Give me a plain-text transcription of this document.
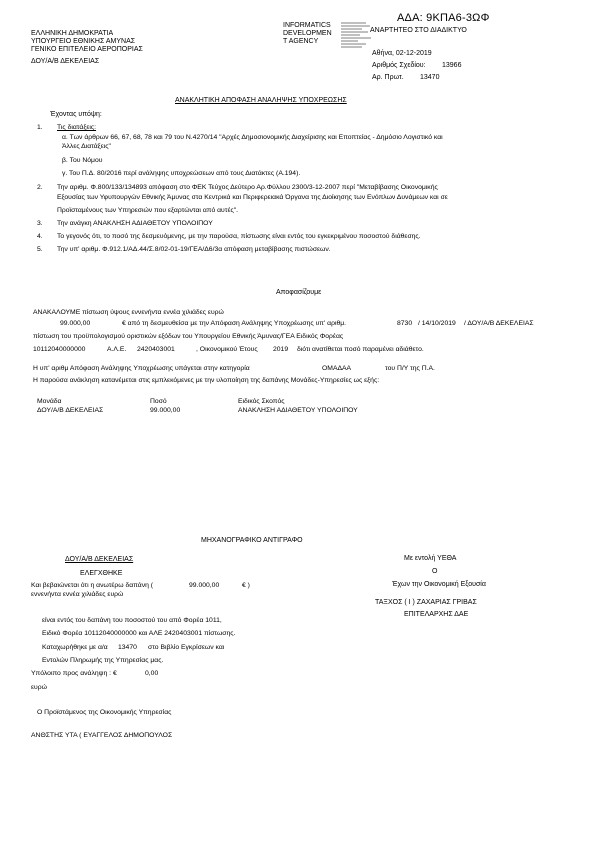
ΕΛΛΗΝΙΚΗ ΔΗΜΟΚΡΑΤΙΑ
ΥΠΟΥΡΓΕΙΟ ΕΘΝΙΚΗΣ ΑΜΥΝΑΣ
ΓΕΝΙΚΟ ΕΠΙΤΕΛΕΙΟ ΑΕΡΟΠΟΡΙΑΣ
ΔΟΥ/Α/Β ΔΕΚΕΛΕΙΑΣ
ΑΔΑ: 9ΚΠΑ6-3ΩΦ
INFORMATICS
DEVELOPMEN
T AGENCY
ΑΝΑΡΤΗΤΕΟ ΣΤΟ ΔΙΑΔΙΚΤΥΟ
Αθήνα, 02-12-2019
Αριθμός Σχεδίου: 13966
Αρ. Πρωτ. 13470
ΑΝΑΚΛΗΤΙΚΗ ΑΠΟΦΑΣΗ ΑΝΑΛΗΨΗΣ ΥΠΟΧΡΕΩΣΗΣ
Έχοντας υπόψη:
1. Τις διατάξεις:
α. Των άρθρων 66, 67, 68, 78 και 79 του Ν.4270/14 "Αρχές Δημοσιονομικής Διαχείρισης και Εποπτείας - Δημόσιο Λογιστικό και
Άλλες Διατάξεις"
β. Του Νόμου
γ. Του Π.Δ. 80/2016 περί ανάληψης υποχρεώσεων από τους Διατάκτες (Α.194).
2. Την αριθμ. Φ.800/133/134893 απόφαση στο ΦΕΚ Τεύχος Δεύτερο Αρ.Φύλλου 2300/3-12-2007 περί "Μεταβίβασης Οικονομικής
Εξουσίας των Υφυπουργών Εθνικής Άμυνας στα Κεντρικά και Περιφερειακά Όργανα της Διοίκησης των Ενόπλων Δυνάμεων και σε
Προϊσταμένους των Υπηρεσιών που εξαρτώνται από αυτές".
3. Την ανάγκη ΑΝΑΚΛΗΣΗ ΑΔΙΑΘΕΤΟΥ ΥΠΟΛΟΙΠΟΥ
4. Το γεγονός ότι, το ποσό της δεσμευόμενης, με την παρούσα, πίστωσης είναι εντός του εγκεκριμένου ποσοστού διάθεσης.
5. Την υπ' αριθμ. Φ.912.1/ΑΔ.44/Σ.8/02-01-19/ΓΕΑ/Δ6/3α απόφαση μεταβίβασης πιστώσεων.
Αποφασίζουμε
ΑΝΑΚΑΛΟΥΜΕ πίστωση ύψους εννενήντα εννέα χιλιάδες ευρώ
99.000,00	€ από τη δεσμευθείσα με την Απόφαση Ανάληψης Υποχρέωσης υπ' αριθμ.	8730 / 14/10/2019 / ΔΟΥ/Α/Β ΔΕΚΕΛΕΙΑΣ
πίστωση του προϋπολογισμού οριστικών εξόδων του Υπουργείου Εθνικής Άμυνας/ΓΕΑ Ειδικός Φορέας
10112040000000	Α.Λ.Ε. 2420403001	, Οικονομικού Έτους 2019 διότι ανατίθεται ποσό παραμένει αδιάθετο.
Η υπ' αριθμ Απόφαση Ανάληψης Υποχρέωσης υπάγεται στην κατηγορία	ΟΜΑΔΑΑ	του Π/Υ της Π.Α.
Η παρούσα ανάκληση κατανέμεται στις εμπλεκόμενες με την υλοποίηση της δαπάνης Μονάδες-Υπηρεσίες ως εξής:
Μονάδα	Ποσό	Ειδικός Σκοπός
ΔΟΥ/Α/Β ΔΕΚΕΛΕΙΑΣ	99.000,00	ΑΝΑΚΛΗΣΗ ΑΔΙΑΘΕΤΟΥ ΥΠΟΛΟΙΠΟΥ
ΜΗΧΑΝΟΓΡΑΦΙΚΟ ΑΝΤΙΓΡΑΦΟ
ΔΟΥ/Α/Β ΔΕΚΕΛΕΙΑΣ
ΕΛΕΓΧΘΗΚΕ
Και βεβαιώνεται ότι η ανωτέρω δαπάνη (	99.000,00	€ )
εννενήντα εννέα χιλιάδες ευρώ
είναι εντός του δαπάνη του ποσοστού του από Φορέα 1011,
Ειδικό Φορέα 10112040000000 και ΑΛΕ 2420403001 πίστωσης.
Καταχωρήθηκε με α/α 13470 στο Βιβλίο Εγκρίσεων και
Εντολών Πληρωμής της Υπηρεσίας μας.
Υπόλοιπο προς ανάληψη : €	0,00
ευρώ
Ο Προϊστάμενος της Οικονομικής Υπηρεσίας
ΑΝΘΣΤΗΣ ΥΤΑ ( ΕΥΑΓΓΕΛΟΣ ΔΗΜΟΠΟΥΛΟΣ
Με εντολή ΥΕΘΑ
Ο
Έχων την Οικονομική Εξουσία
ΤΑΞΧΟΣ ( Ι ) ΖΑΧΑΡΙΑΣ ΓΡΙΒΑΣ
ΕΠΙΤΕΛΑΡΧΗΣ ΔΑΕ
